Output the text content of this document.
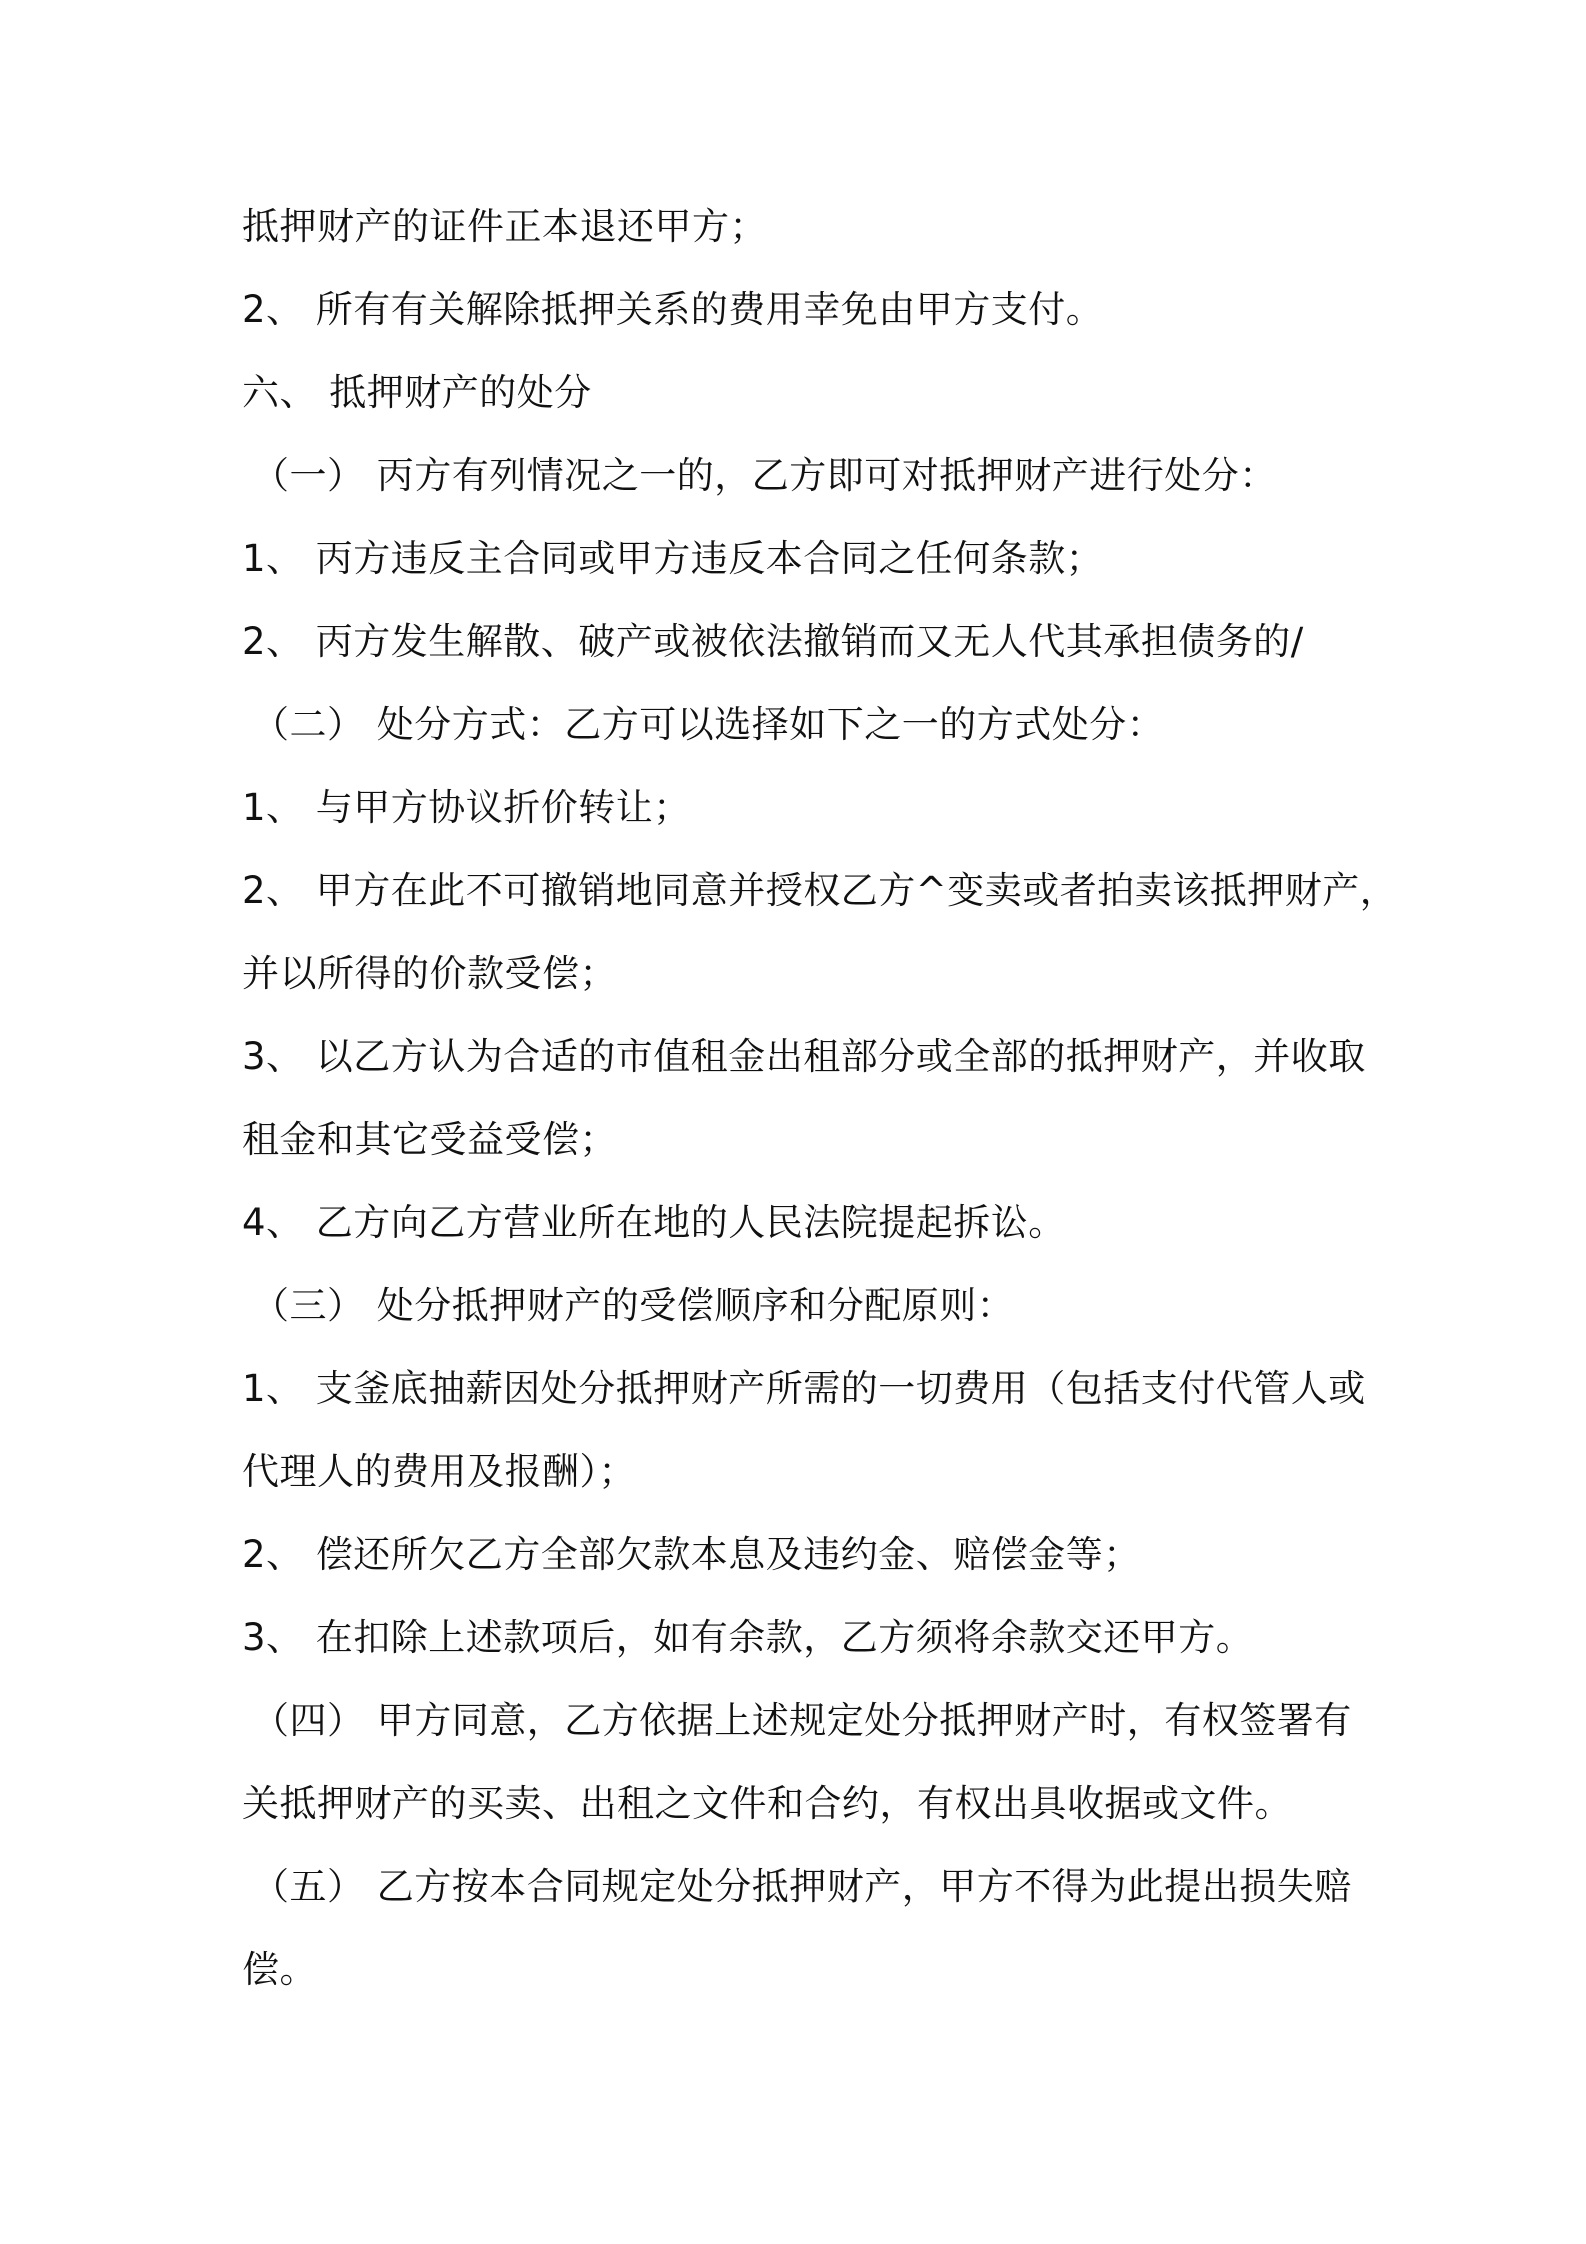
抵押财产的证件正本退还甲方；
2、 所有有关解除抵押关系的费用幸免由甲方支付。
六、 抵押财产的处分
（一） 丙方有列情况之一的，乙方即可对抵押财产进行处分：
1、 丙方违反主合同或甲方违反本合同之任何条款；
2、 丙方发生解散、破产或被依法撤销而又无人代其承担债务的/
（二） 处分方式：乙方可以选择如下之一的方式处分：
1、 与甲方协议折价转让；
2、 甲方在此不可撤销地同意并授权乙方^变卖或者拍卖该抵押财产，
并以所得的价款受偿；
3、 以乙方认为合适的市值租金出租部分或全部的抵押财产，并收取
租金和其它受益受偿；
4、 乙方向乙方营业所在地的人民法院提起拆讼。
（三） 处分抵押财产的受偿顺序和分配原则：
1、 支釜底抽薪因处分抵押财产所需的一切费用（包括支付代管人或
代理人的费用及报酬）；
2、 偿还所欠乙方全部欠款本息及违约金、赔偿金等；
3、 在扣除上述款项后，如有余款，乙方须将余款交还甲方。
（四） 甲方同意，乙方依据上述规定处分抵押财产时，有权签署有
关抵押财产的买卖、出租之文件和合约，有权出具收据或文件。
（五） 乙方按本合同规定处分抵押财产，甲方不得为此提出损失赔
偿。
